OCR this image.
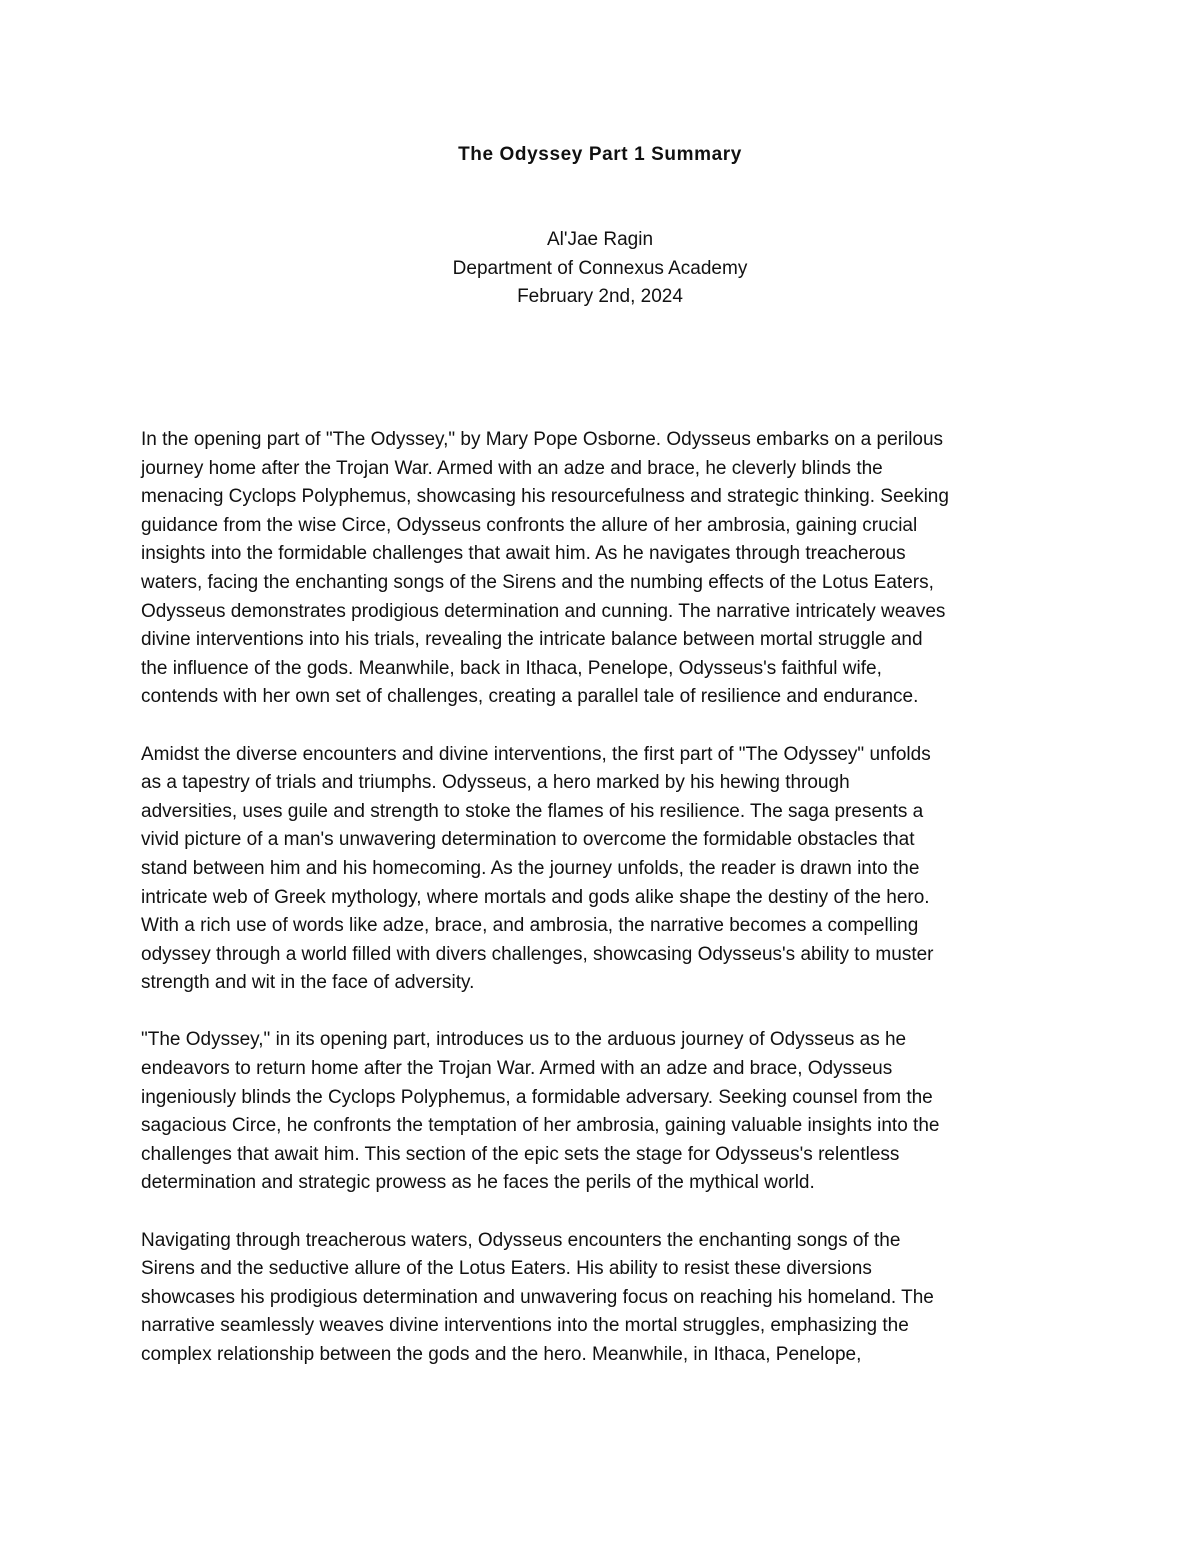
The Odyssey Part 1 Summary
Al'Jae Ragin
Department of Connexus Academy
February 2nd, 2024

In the opening part of "The Odyssey," by Mary Pope Osborne. Odysseus embarks on a perilous
journey home after the Trojan War. Armed with an adze and brace, he cleverly blinds the
menacing Cyclops Polyphemus, showcasing his resourcefulness and strategic thinking. Seeking
guidance from the wise Circe, Odysseus confronts the allure of her ambrosia, gaining crucial
insights into the formidable challenges that await him. As he navigates through treacherous
waters, facing the enchanting songs of the Sirens and the numbing effects of the Lotus Eaters,
Odysseus demonstrates prodigious determination and cunning. The narrative intricately weaves
divine interventions into his trials, revealing the intricate balance between mortal struggle and
the influence of the gods. Meanwhile, back in Ithaca, Penelope, Odysseus's faithful wife,
contends with her own set of challenges, creating a parallel tale of resilience and endurance.

Amidst the diverse encounters and divine interventions, the first part of "The Odyssey" unfolds
as a tapestry of trials and triumphs. Odysseus, a hero marked by his hewing through
adversities, uses guile and strength to stoke the flames of his resilience. The saga presents a
vivid picture of a man's unwavering determination to overcome the formidable obstacles that
stand between him and his homecoming. As the journey unfolds, the reader is drawn into the
intricate web of Greek mythology, where mortals and gods alike shape the destiny of the hero.
With a rich use of words like adze, brace, and ambrosia, the narrative becomes a compelling
odyssey through a world filled with divers challenges, showcasing Odysseus's ability to muster
strength and wit in the face of adversity.

"The Odyssey," in its opening part, introduces us to the arduous journey of Odysseus as he
endeavors to return home after the Trojan War. Armed with an adze and brace, Odysseus
ingeniously blinds the Cyclops Polyphemus, a formidable adversary. Seeking counsel from the
sagacious Circe, he confronts the temptation of her ambrosia, gaining valuable insights into the
challenges that await him. This section of the epic sets the stage for Odysseus's relentless
determination and strategic prowess as he faces the perils of the mythical world.

Navigating through treacherous waters, Odysseus encounters the enchanting songs of the
Sirens and the seductive allure of the Lotus Eaters. His ability to resist these diversions
showcases his prodigious determination and unwavering focus on reaching his homeland. The
narrative seamlessly weaves divine interventions into the mortal struggles, emphasizing the
complex relationship between the gods and the hero. Meanwhile, in Ithaca, Penelope,
